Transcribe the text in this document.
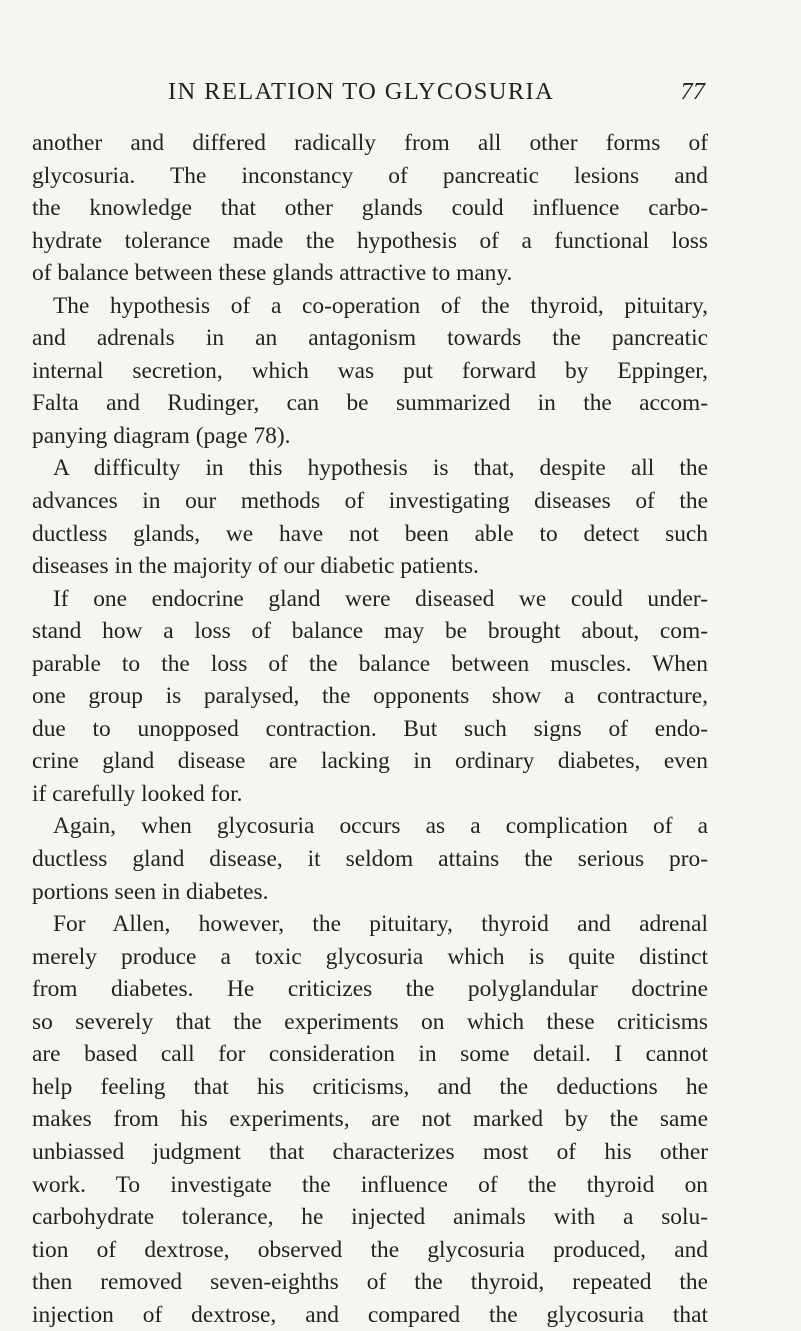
IN RELATION TO GLYCOSURIA	77
another and differed radically from all other forms of
glycosuria. The inconstancy of pancreatic lesions and
the knowledge that other glands could influence carbo-
hydrate tolerance made the hypothesis of a functional loss
of balance between these glands attractive to many.
The hypothesis of a co-operation of the thyroid, pituitary,
and adrenals in an antagonism towards the pancreatic
internal secretion, which was put forward by Eppinger,
Falta and Rudinger, can be summarized in the accom-
panying diagram (page 78).
A difficulty in this hypothesis is that, despite all the
advances in our methods of investigating diseases of the
ductless glands, we have not been able to detect such
diseases in the majority of our diabetic patients.
If one endocrine gland were diseased we could under-
stand how a loss of balance may be brought about, com-
parable to the loss of the balance between muscles. When
one group is paralysed, the opponents show a contracture,
due to unopposed contraction. But such signs of endo-
crine gland disease are lacking in ordinary diabetes, even
if carefully looked for.
Again, when glycosuria occurs as a complication of a
ductless gland disease, it seldom attains the serious pro-
portions seen in diabetes.
For Allen, however, the pituitary, thyroid and adrenal
merely produce a toxic glycosuria which is quite distinct
from diabetes. He criticizes the polyglandular doctrine
so severely that the experiments on which these criticisms
are based call for consideration in some detail. I cannot
help feeling that his criticisms, and the deductions he
makes from his experiments, are not marked by the same
unbiassed judgment that characterizes most of his other
work. To investigate the influence of the thyroid on
carbohydrate tolerance, he injected animals with a solu-
tion of dextrose, observed the glycosuria produced, and
then removed seven-eighths of the thyroid, repeated the
injection of dextrose, and compared the glycosuria that
